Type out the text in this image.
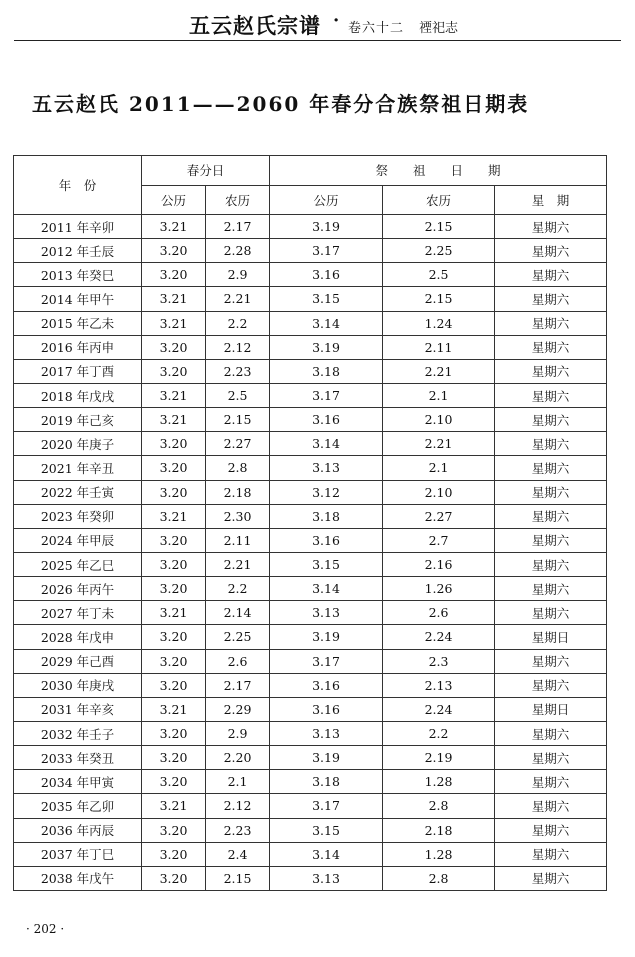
五云赵氏宗谱 · 卷六十二 禋祀志
五云赵氏 2011——2060 年春分合族祭祖日期表
年　份	春分日		祭　　祖　　日　　期		
	公历	农历	公历	农历	星　期
2011 年辛卯	3.21	2.17	3.19	2.15	星期六
2012 年壬辰	3.20	2.28	3.17	2.25	星期六
2013 年癸巳	3.20	2.9	3.16	2.5	星期六
2014 年甲午	3.21	2.21	3.15	2.15	星期六
2015 年乙未	3.21	2.2	3.14	1.24	星期六
2016 年丙申	3.20	2.12	3.19	2.11	星期六
2017 年丁酉	3.20	2.23	3.18	2.21	星期六
2018 年戊戌	3.21	2.5	3.17	2.1	星期六
2019 年己亥	3.21	2.15	3.16	2.10	星期六
2020 年庚子	3.20	2.27	3.14	2.21	星期六
2021 年辛丑	3.20	2.8	3.13	2.1	星期六
2022 年壬寅	3.20	2.18	3.12	2.10	星期六
2023 年癸卯	3.21	2.30	3.18	2.27	星期六
2024 年甲辰	3.20	2.11	3.16	2.7	星期六
2025 年乙巳	3.20	2.21	3.15	2.16	星期六
2026 年丙午	3.20	2.2	3.14	1.26	星期六
2027 年丁未	3.21	2.14	3.13	2.6	星期六
2028 年戊申	3.20	2.25	3.19	2.24	星期日
2029 年己酉	3.20	2.6	3.17	2.3	星期六
2030 年庚戌	3.20	2.17	3.16	2.13	星期六
2031 年辛亥	3.21	2.29	3.16	2.24	星期日
2032 年壬子	3.20	2.9	3.13	2.2	星期六
2033 年癸丑	3.20	2.20	3.19	2.19	星期六
2034 年甲寅	3.20	2.1	3.18	1.28	星期六
2035 年乙卯	3.21	2.12	3.17	2.8	星期六
2036 年丙辰	3.20	2.23	3.15	2.18	星期六
2037 年丁巳	3.20	2.4	3.14	1.28	星期六
2038 年戊午	3.20	2.15	3.13	2.8	星期六
· 202 ·
